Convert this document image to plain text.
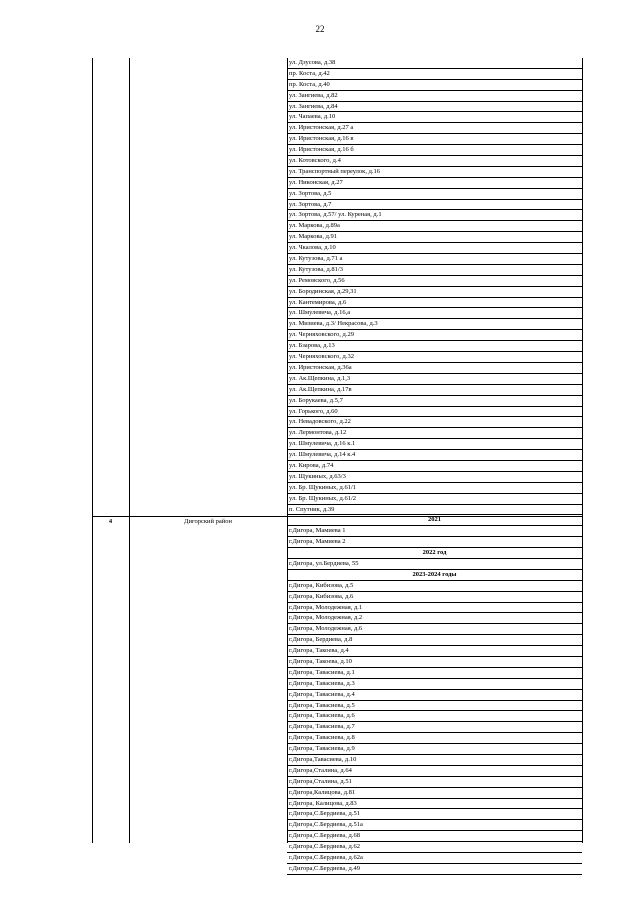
22
4	Дигорский район
ул. Дзусова, д.38
пр. Коста, д.42
пр. Коста, д.40
ул. Зангиева, д.82
ул. Зангиева, д.84
ул. Чапаева, д.10
ул. Иристонская, д.27 а
ул. Иристонская, д.16 в
ул. Иристонская, д.16 б
ул. Котовского, д.4
ул. Транспортный переулок, д.16
ул. Никонская, д.27
ул. Зортова, д.5
ул. Зортова, д.7
ул. Зортова, д.57/ ул. Куреная, д.1
ул. Маркова, д.89а
ул. Маркова, д.91
ул. Чкалова, д.10
ул. Кутузова, д.71 а
ул. Кутузова, д.81/3
ул. Ремовского, д.56
ул. Бородинская, д.29,31
ул. Кантемирова, д.6
ул. Шмулевича, д.16,а
ул. Мизиева, д.3/ Некрасова, д.3
ул. Черняховского, д.29
ул. Бзарова, д.13
ул. Черняховского, д.32
ул. Иристонская, д.36а
ул. Ак.Щепкина, д.1,3
ул. Ак.Щепкина, д.17в
ул. Борукаева, д.5,7
ул. Горького, д.60
ул. Невадовского, д.22
ул. Лермонтова, д.12
ул. Шмулевича, д.16 к.1
ул. Шмулевича, д.14 к.4
ул. Кирова, д.74
ул. Щукиных, д.63/3
ул. Бр. Щукиных, д.61/1
ул. Бр. Щукиных, д.61/2
п. Спутник, д.39
2021
г.Дигора, Мамиева 1
г.Дигора, Мамиева 2
2022 год
г.Дигора, ул.Бердиева, 55
2023-2024 годы
г.Дигора, Кибизова, д.5
г.Дигора, Кибизова, д.6
г.Дигора, Молодежная, д.1
г.Дигора, Молодежная, д.2
г.Дигора, Молодежная, д.6
г.Дигора, Бердиева, д.8
г.Дигора, Такоева, д.4
г.Дигора, Такоева, д.10
г.Дигора, Тавасиева, д.1
г.Дигора, Тавасиева, д.3
г.Дигора, Тавасиева, д.4
г.Дигора, Тавасиева, д.5
г.Дигора, Тавасиева, д.6
г.Дигора, Тавасиева, д.7
г.Дигора, Тавасиева, д.8
г.Дигора, Тавасиева, д.9
г.Дигора,Тавасиева, д.10
г.Дигора,Сталина, д.64
г.Дигора,Сталина, д.51
г.Дигора,Калицова, д.81
г.Дигора, Калицова, д.83
г.Дигора,С.Бердиева, д.51
г.Дигора,С.Бердиева, д.51а
г.Дигора,С.Бердиева, д.68
г.Дигора,С.Бердиева, д.62
г.Дигора,С.Бердиева, д.62а
г.Дигора,С.Бердиева, д.49
